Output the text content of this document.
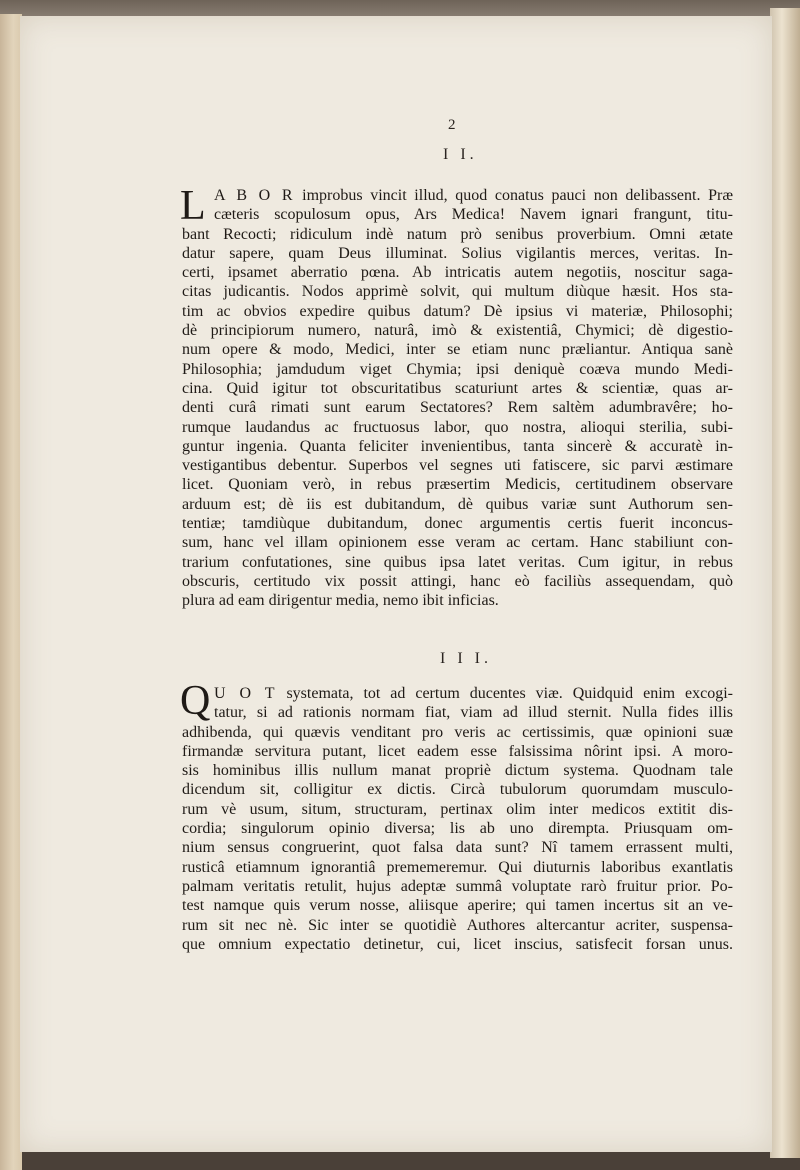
2
I I.
L A B O R improbus vincit illud, quod conatus pauci non delibassent. Præ
cæteris scopulosum opus, Ars Medica! Navem ignari frangunt, titu-
bant Recocti; ridiculum indè natum prò senibus proverbium. Omni ætate
datur sapere, quam Deus illuminat. Solius vigilantis merces, veritas. In-
certi, ipsamet aberratio pœna. Ab intricatis autem negotiis, noscitur saga-
citas judicantis. Nodos apprimè solvit, qui multum diùque hæsit. Hos sta-
tim ac obvios expedire quibus datum? Dè ipsius vi materiæ, Philosophi;
dè principiorum numero, naturâ, imò & existentiâ, Chymici; dè digestio-
num opere & modo, Medici, inter se etiam nunc præliantur. Antiqua sanè
Philosophia; jamdudum viget Chymia; ipsi deniquè coæva mundo Medi-
cina. Quid igitur tot obscuritatibus scaturiunt artes & scientiæ, quas ar-
denti curâ rimati sunt earum Sectatores? Rem saltèm adumbravêre; ho-
rumque laudandus ac fructuosus labor, quo nostra, alioqui sterilia, subi-
guntur ingenia. Quanta feliciter invenientibus, tanta sincerè & accuratè in-
vestigantibus debentur. Superbos vel segnes uti fatiscere, sic parvi æstimare
licet. Quoniam verò, in rebus præsertim Medicis, certitudinem observare
arduum est; dè iis est dubitandum, dè quibus variæ sunt Authorum sen-
tentiæ; tamdiùque dubitandum, donec argumentis certis fuerit inconcus-
sum, hanc vel illam opinionem esse veram ac certam. Hanc stabiliunt con-
trarium confutationes, sine quibus ipsa latet veritas. Cum igitur, in rebus
obscuris, certitudo vix possit attingi, hanc eò faciliùs assequendam, quò
plura ad eam dirigentur media, nemo ibit inficias.
I I I.
Q U O T systemata, tot ad certum ducentes viæ. Quidquid enim excogi-
tatur, si ad rationis normam fiat, viam ad illud sternit. Nulla fides illis
adhibenda, qui quævis venditant pro veris ac certissimis, quæ opinioni suæ
firmandæ servitura putant, licet eadem esse falsissima nôrint ipsi. A moro-
sis hominibus illis nullum manat propriè dictum systema. Quodnam tale
dicendum sit, colligitur ex dictis. Circà tubulorum quorumdam musculo-
rum vè usum, situm, structuram, pertinax olim inter medicos extitit dis-
cordia; singulorum opinio diversa; lis ab uno dirempta. Priusquam om-
nium sensus congruerint, quot falsa data sunt? Nî tamem errassent multi,
rusticâ etiamnum ignorantiâ prememeremur. Qui diuturnis laboribus exantlatis
palmam veritatis retulit, hujus adeptæ summâ voluptate rarò fruitur prior. Po-
test namque quis verum nosse, aliisque aperire; qui tamen incertus sit an ve-
rum sit nec nè. Sic inter se quotidiè Authores altercantur acriter, suspensa-
que omnium expectatio detinetur, cui, licet inscius, satisfecit forsan unus.
